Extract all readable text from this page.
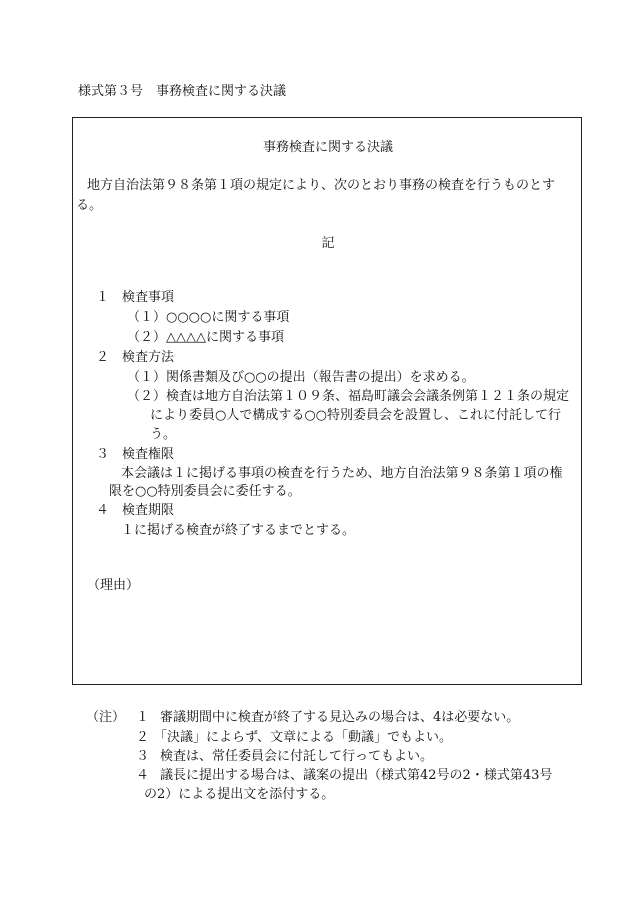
様式第３号　事務検査に関する決議
事務検査に関する決議
地方自治法第９８条第１項の規定により、次のとおり事務の検査を行うものとす
る。
記
１　検査事項
（１）○○○○に関する事項
（２）△△△△に関する事項
２　検査方法
（１）関係書類及び○○の提出（報告書の提出）を求める。
（２）検査は地方自治法第１０９条、福島町議会会議条例第１２１条の規定
により委員○人で構成する○○特別委員会を設置し、これに付託して行
う。
３　検査権限
本会議は１に掲げる事項の検査を行うため、地方自治法第９８条第１項の権
限を○○特別委員会に委任する。
４　検査期限
１に掲げる検査が終了するまでとする。
（理由）
（注） １ 審議期間中に検査が終了する見込みの場合は、4は必要ない。
２ 「決議」によらず、文章による「動議」でもよい。
３ 検査は、常任委員会に付託して行ってもよい。
４ 議長に提出する場合は、議案の提出（様式第42号の2・様式第43号
の2）による提出文を添付する。
